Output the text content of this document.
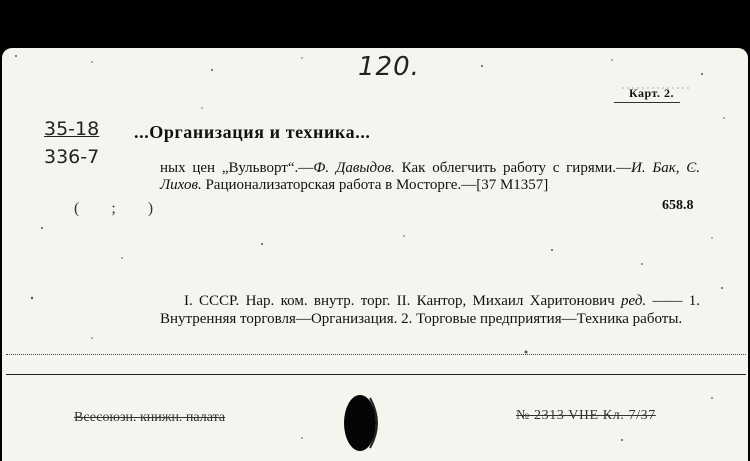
120.
Карт. 2.
35-18
336-7
...Организация и техника...
( ; )
ных цен „Вульворт“.—Ф. Давыдов. Как облегчить работу с гирями.—И. Бак, С. Лихов. Рационализаторская работа в Мосторге.—[37 М1357]
658.8
I. СССР. Нар. ком. внутр. торг. II. Кантор, Михаил Харитонович ред. —— 1. Внутренняя торговля—Организация. 2. Торговые предприятия—Техника работы.
Всесоюзн. книжн. палата	№ 2313 VIIE Кл. 7/37
